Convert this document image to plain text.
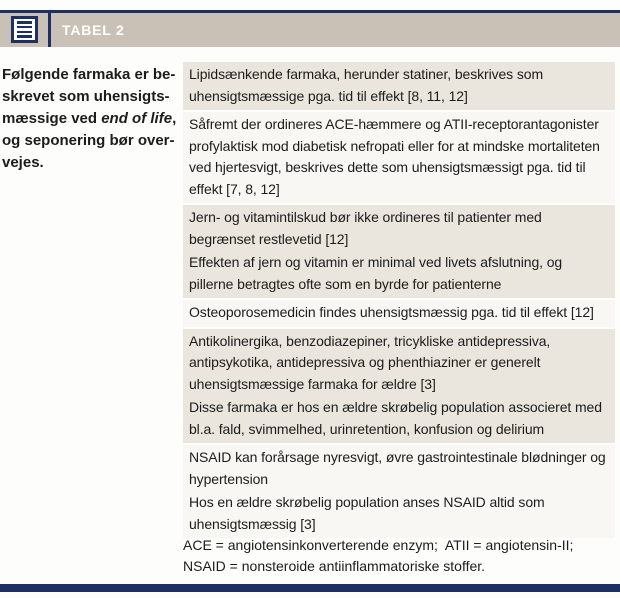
TABEL 2
Følgende farmaka er be-
skrevet som uhensigts-
mæssige ved end of life,
og seponering bør over-
vejes.

Lipidsænkende farmaka, herunder statiner, beskrives som uhensigtsmæssige pga. tid til effekt [8, 11, 12]

Såfremt der ordineres ACE-hæmmere og ATII-receptorantagonister profylaktisk mod diabetisk nefropati eller for at mindske mortaliteten ved hjertesvigt, beskrives dette som uhensigtsmæssigt pga. tid til effekt [7, 8, 12]

Jern- og vitamintilskud bør ikke ordineres til patienter med begrænset restlevetid [12]

Effekten af jern og vitamin er minimal ved livets afslutning, og pillerne betragtes ofte som en byrde for patienterne

Osteoporosemedicin findes uhensigtsmæssig pga. tid til effekt [12]

Antikolinergika, benzodiazepiner, tricykliske antidepressiva, antipsykotika, antidepressiva og phenthiaziner er generelt uhensigtsmæssige farmaka for ældre [3]

Disse farmaka er hos en ældre skrøbelig population associeret med bl.a. fald, svimmelhed, urinretention, konfusion og delirium

NSAID kan forårsage nyresvigt, øvre gastrointestinale blødninger og hypertension

Hos en ældre skrøbelig population anses NSAID altid som uhensigtsmæssig [3]

ACE = angiotensinkonverterende enzym;  ATII = angiotensin-II;  NSAID = nonsteroide antiinflammatoriske stoffer.
